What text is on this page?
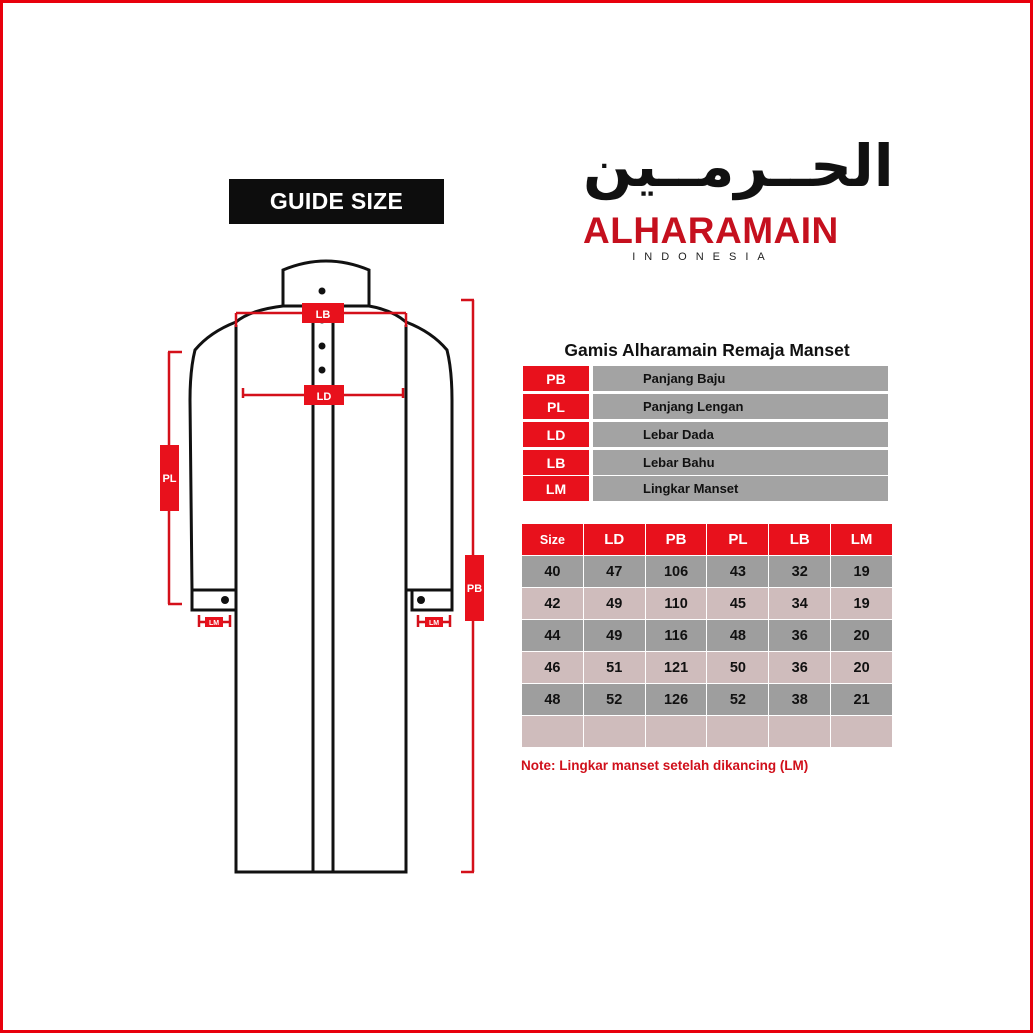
GUIDE SIZE
LB
LD
PL
PB
LM	LM
الحــرمــين
ALHARAMAIN
INDONESIA
Gamis Alharamain Remaja Manset
PB	Panjang Baju
PL	Panjang Lengan
LD	Lebar Dada
LB	Lebar Bahu
LM	Lingkar Manset
Size	LD	PB	PL	LB	LM
40	47	106	43	32	19
42	49	110	45	34	19
44	49	116	48	36	20
46	51	121	50	36	20
48	52	126	52	38	21

Note: Lingkar manset setelah dikancing (LM)
